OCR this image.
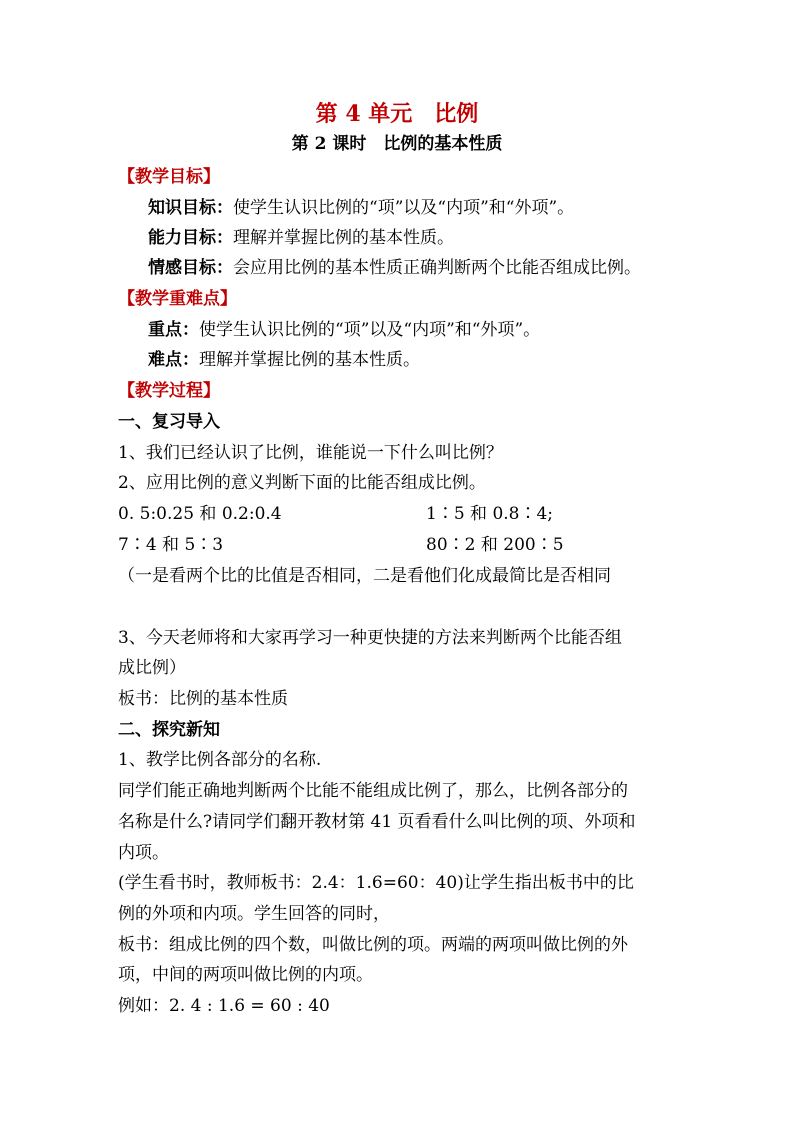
第 4 单元　比例
第 2 课时　比例的基本性质
【教学目标】
知识目标：使学生认识比例的“项”以及“内项”和“外项”。
能力目标：理解并掌握比例的基本性质。
情感目标：会应用比例的基本性质正确判断两个比能否组成比例。
【教学重难点】
重点：使学生认识比例的“项”以及“内项”和“外项”。
难点：理解并掌握比例的基本性质。
【教学过程】
一、复习导入
1、我们已经认识了比例，谁能说一下什么叫比例？
2、应用比例的意义判断下面的比能否组成比例。
0. 5:0.25 和 0.2:0.4	1∶5 和 0.8∶4;
7∶4 和 5∶3	80∶2 和 200∶5
（一是看两个比的比值是否相同，二是看他们化成最简比是否相同
3、今天老师将和大家再学习一种更快捷的方法来判断两个比能否组
成比例）
板书：比例的基本性质
二、探究新知
1、教学比例各部分的名称.
同学们能正确地判断两个比能不能组成比例了，那么，比例各部分的
名称是什么?请同学们翻开教材第 41 页看看什么叫比例的项、外项和
内项。
(学生看书时，教师板书：2.4：1.6=60：40)让学生指出板书中的比
例的外项和内项。学生回答的同时，
板书：组成比例的四个数，叫做比例的项。两端的两项叫做比例的外
项，中间的两项叫做比例的内项。
例如：2. 4 : 1.6 = 60 : 40
